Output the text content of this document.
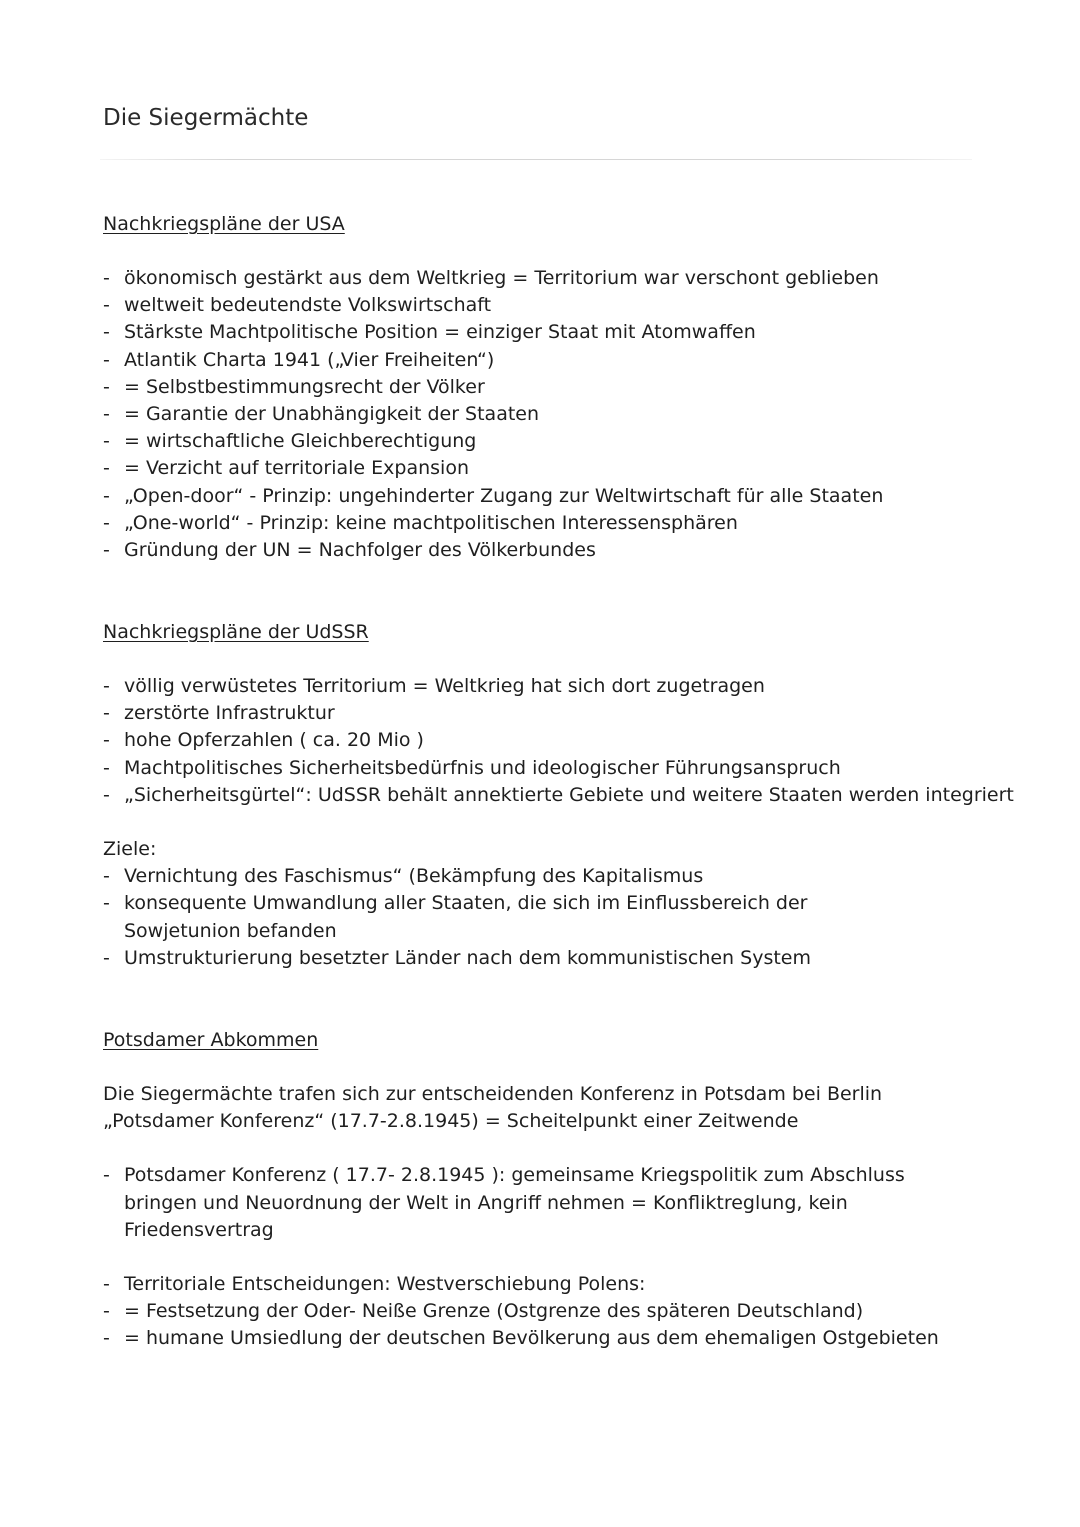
Die Siegermächte
Nachkriegspläne der USA
- ökonomisch gestärkt aus dem Weltkrieg = Territorium war verschont geblieben
- weltweit bedeutendste Volkswirtschaft
- Stärkste Machtpolitische Position = einziger Staat mit Atomwaffen
- Atlantik Charta 1941 („Vier Freiheiten“)
- = Selbstbestimmungsrecht der Völker
- = Garantie der Unabhängigkeit der Staaten
- = wirtschaftliche Gleichberechtigung
- = Verzicht auf territoriale Expansion
- „Open-door“ - Prinzip: ungehinderter Zugang zur Weltwirtschaft für alle Staaten
- „One-world“ - Prinzip: keine machtpolitischen Interessensphären
- Gründung der UN = Nachfolger des Völkerbundes
Nachkriegspläne der UdSSR
- völlig verwüstetes Territorium = Weltkrieg hat sich dort zugetragen
- zerstörte Infrastruktur
- hohe Opferzahlen ( ca. 20 Mio )
- Machtpolitisches Sicherheitsbedürfnis und ideologischer Führungsanspruch
- „Sicherheitsgürtel“: UdSSR behält annektierte Gebiete und weitere Staaten werden integriert

Ziele:

- Vernichtung des Faschismus“ (Bekämpfung des Kapitalismus
- konsequente Umwandlung aller Staaten, die sich im Einflussbereich der Sowjetunion befanden
- Umstrukturierung besetzter Länder nach dem kommunistischen System
Potsdamer Abkommen

Die Siegermächte trafen sich zur entscheidenden Konferenz in Potsdam bei Berlin
„Potsdamer Konferenz“ (17.7-2.8.1945) = Scheitelpunkt einer Zeitwende

- Potsdamer Konferenz ( 17.7- 2.8.1945 ): gemeinsame Kriegspolitik zum Abschluss bringen und Neuordnung der Welt in Angriff nehmen = Konfliktreglung, kein Friedensvertrag
- Territoriale Entscheidungen: Westverschiebung Polens:
- = Festsetzung der Oder- Neiße Grenze (Ostgrenze des späteren Deutschland)
- = humane Umsiedlung der deutschen Bevölkerung aus dem ehemaligen Ostgebieten
